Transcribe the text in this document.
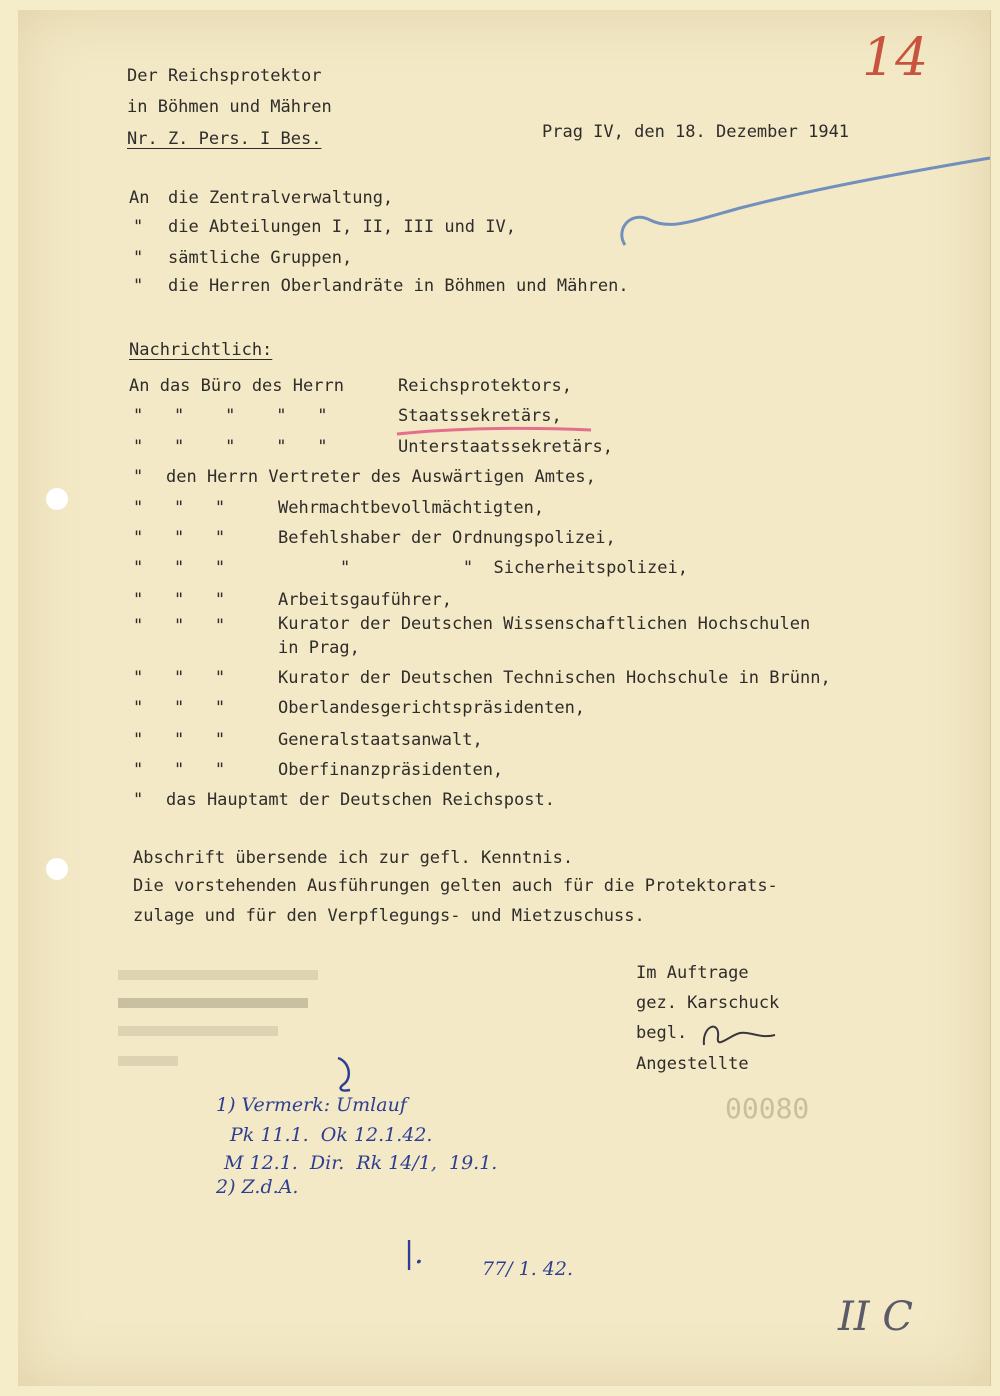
14
Der Reichsprotektor
in Böhmen und Mähren
Nr. Z. Pers. I Bes.	Prag IV, den 18. Dezember 1941
An die Zentralverwaltung,
" die Abteilungen I, II, III und IV,
" sämtliche Gruppen,
" die Herren Oberlandräte in Böhmen und Mähren.
Nachrichtlich:
An das Büro des Herrn	Reichsprotektors,
"   "    "    "   "	Staatssekretärs,
"   "    "    "   "	Unterstaatssekretärs,
" den Herrn Vertreter des Auswärtigen Amtes,
"   "   "	Wehrmachtbevollmächtigten,
"   "   "	Befehlshaber der Ordnungspolizei,
"   "   "	"           "  Sicherheitspolizei,
"   "   "	Arbeitsgauführer,
"   "   "	Kurator der Deutschen Wissenschaftlichen Hochschulen
in Prag,
"   "   "	Kurator der Deutschen Technischen Hochschule in Brünn,
"   "   "	Oberlandesgerichtspräsidenten,
"   "   "	Generalstaatsanwalt,
"   "   "	Oberfinanzpräsidenten,
" das Hauptamt der Deutschen Reichspost.
Abschrift übersende ich zur gefl. Kenntnis.
Die vorstehenden Ausführungen gelten auch für die Protektorats-
zulage und für den Verpflegungs- und Mietzuschuss.
Im Auftrage
gez. Karschuck
begl.
Angestellte
00080
1) Vermerk: Umlauf
Pk 11.1.  Ok 12.1.42.
M 12.1.  Dir.  Rk 14/1,  19.1.
2) Z.d.A.
|.	77/ 1. 42.
II C
